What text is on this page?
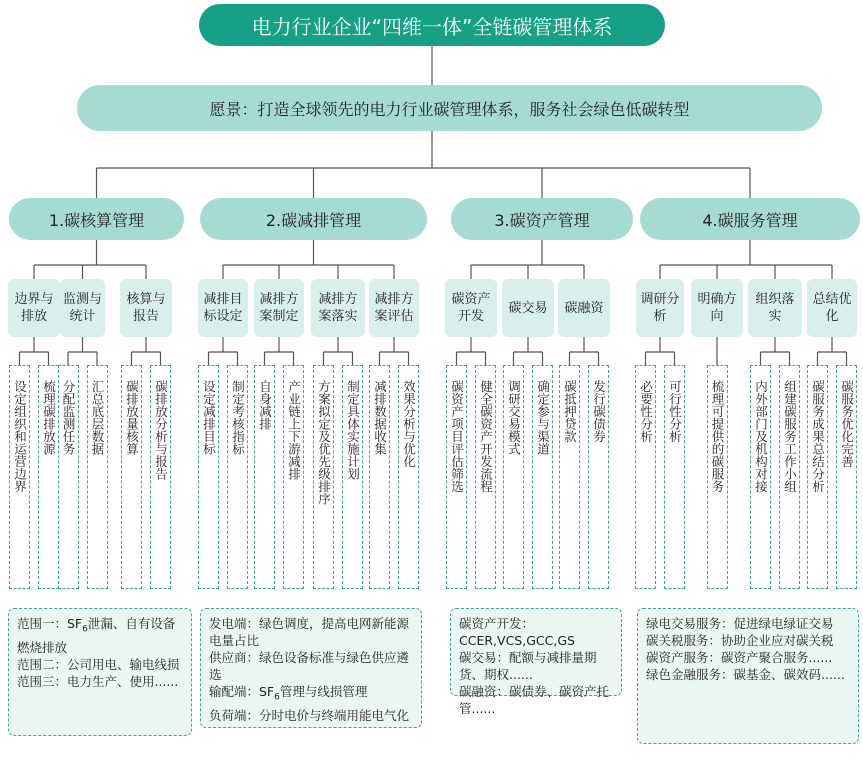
电力行业企业“四维一体”全链碳管理体系
愿景：打造全球领先的电力行业碳管理体系，服务社会绿色低碳转型
1.碳核算管理
边界与排放
设定组织和运营边界 梳理碳排放源
监测与统计
分配监测任务 汇总底层数据
核算与报告
碳排放量核算 碳排放分析与报告

范围一：$SF_6$泄漏、自有设备燃烧排放

范围二：公司用电、输电线损

范围三：电力生产、使用......

2.碳减排管理
减排目标设定
设定减排目标 制定考核指标
减排方案制定
自身减排 产业链上下游减排
减排方案落实
方案拟定及优先级排序 制定具体实施计划
减排方案评估
减排数据收集 效果分析与优化

发电端：绿色调度，提高电网新能源电量占比

供应商：绿色设备标准与绿色供应遴选

输配端：$SF_6$管理与线损管理

负荷端：分时电价与终端用能电气化

3.碳资产管理
碳资产开发
碳资产项目评估筛选 健全碳资产开发流程
碳交易
调研交易模式 确定参与渠道
碳融资
碳抵押贷款 发行碳债券

碳资产开发：

CCER,VCS,GCC,GS

碳交易：配额与减排量期货、期权......

碳融资：碳债券、碳资产托管......

4.碳服务管理
调研分析
必要性分析 可行性分析
明确方向
梳理可提供的碳服务
组织落实
内外部门及机构对接 组建碳服务工作小组
总结优化
碳服务成果总结分析 碳服务优化完善

绿电交易服务：促进绿电绿证交易

碳关税服务：协助企业应对碳关税

碳资产服务：碳资产聚合服务......

绿色金融服务：碳基金、碳效码......
